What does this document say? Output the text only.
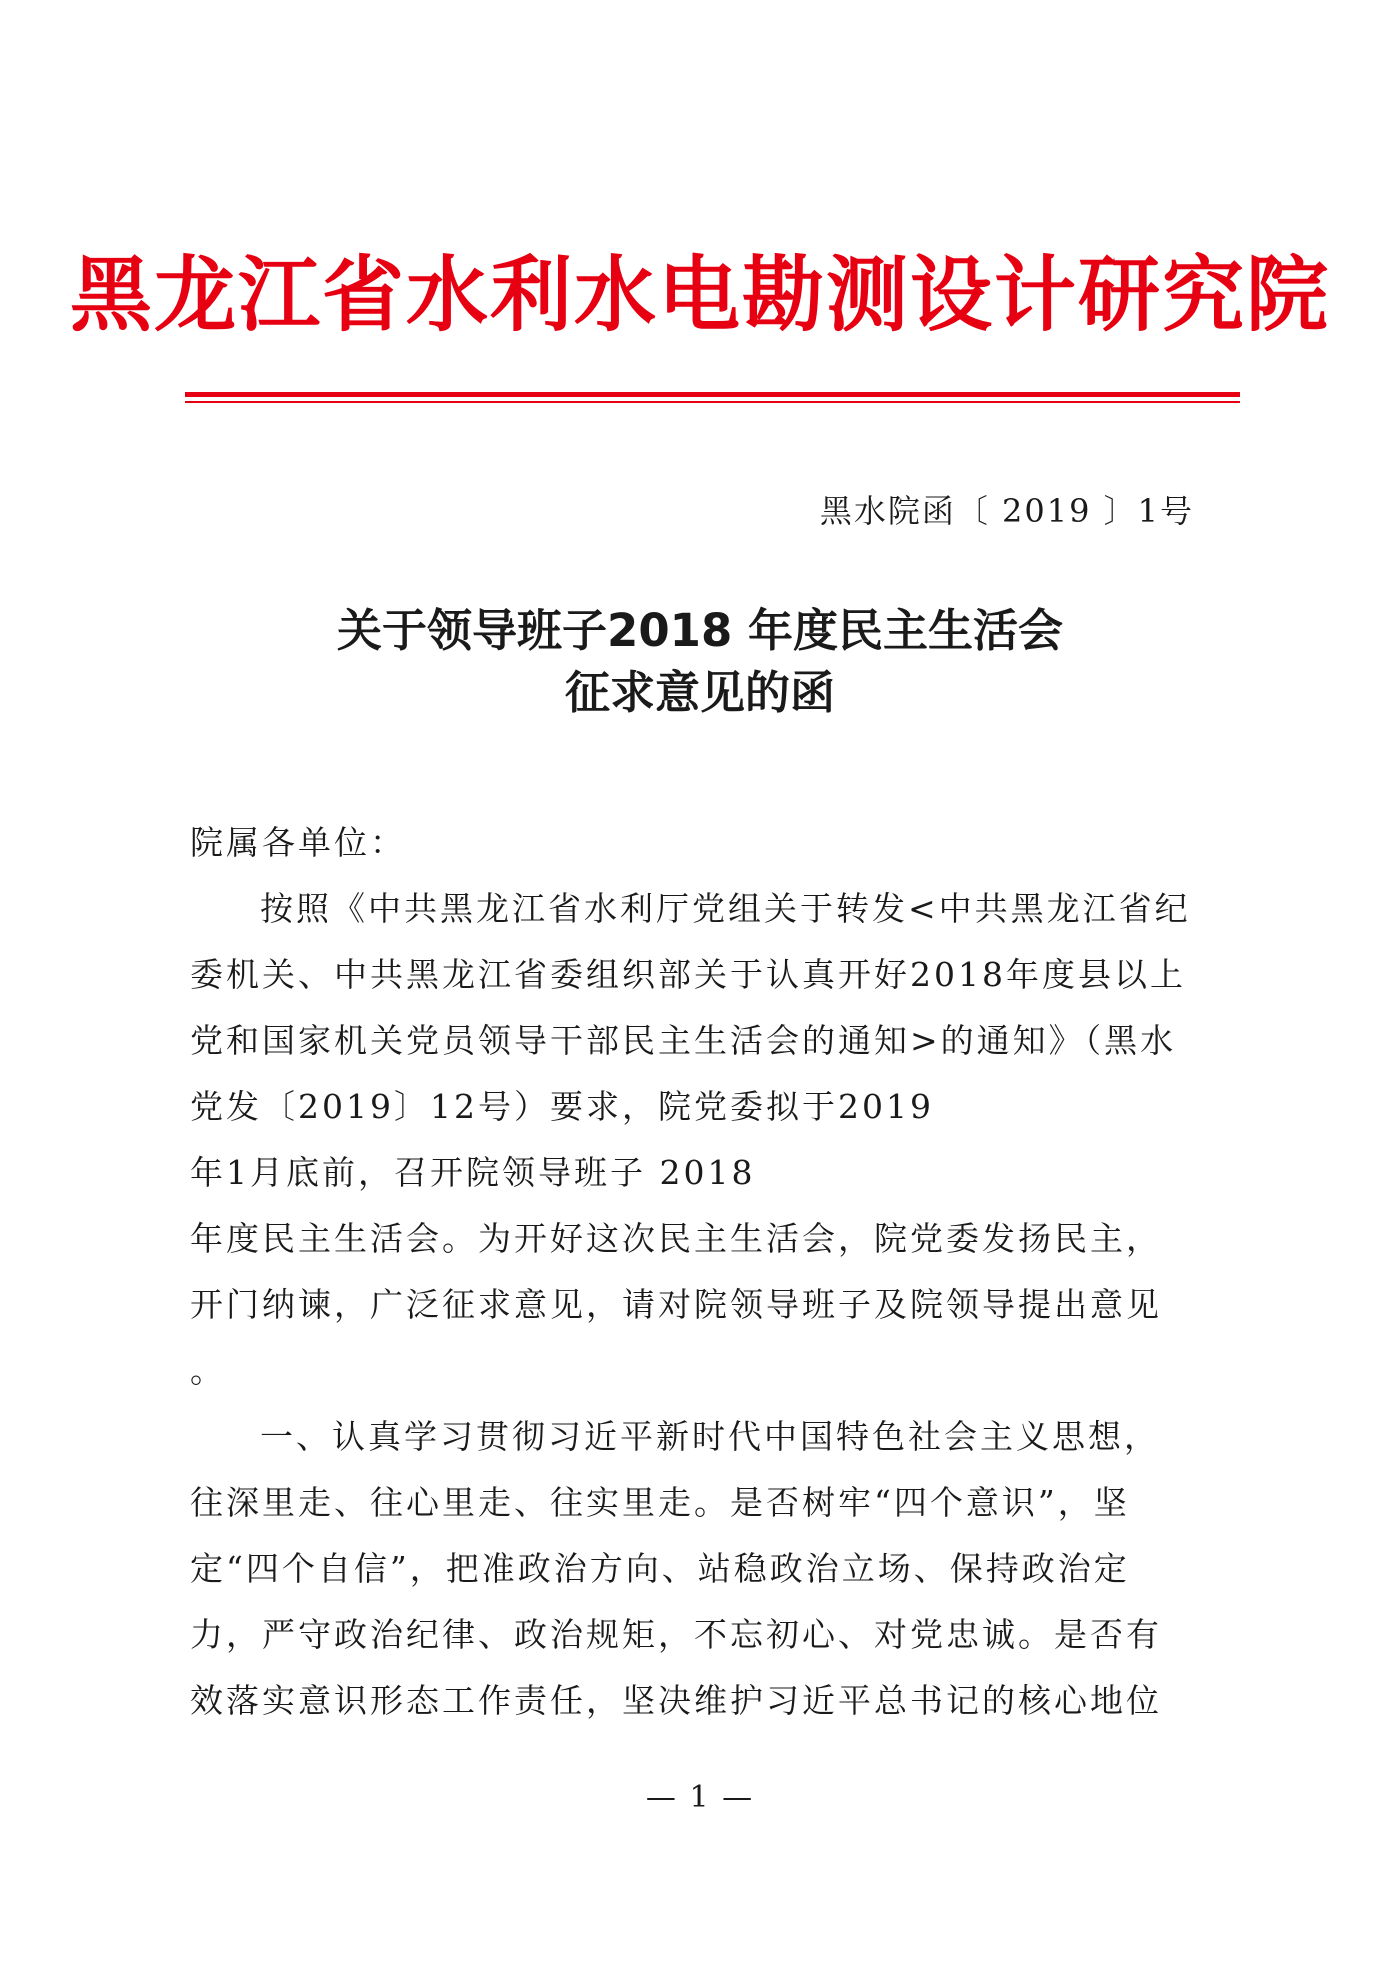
黑龙江省水利水电勘测设计研究院
黑水院函〔 2019 〕1号
关于领导班子2018 年度民主生活会
征求意见的函
院属各单位：
按照《中共黑龙江省水利厅党组关于转发<中共黑龙江省纪
委机关、中共黑龙江省委组织部关于认真开好2018年度县以上
党和国家机关党员领导干部民主生活会的通知>的通知》（黑水
党发〔2019〕12号）要求，院党委拟于2019
年1月底前，召开院领导班子 2018
年度民主生活会。为开好这次民主生活会，院党委发扬民主，
开门纳谏，广泛征求意见，请对院领导班子及院领导提出意见
。
一、认真学习贯彻习近平新时代中国特色社会主义思想，
往深里走、往心里走、往实里走。是否树牢“四个意识”，坚
定“四个自信”，把准政治方向、站稳政治立场、保持政治定
力，严守政治纪律、政治规矩，不忘初心、对党忠诚。是否有
效落实意识形态工作责任，坚决维护习近平总书记的核心地位
— 1 —
